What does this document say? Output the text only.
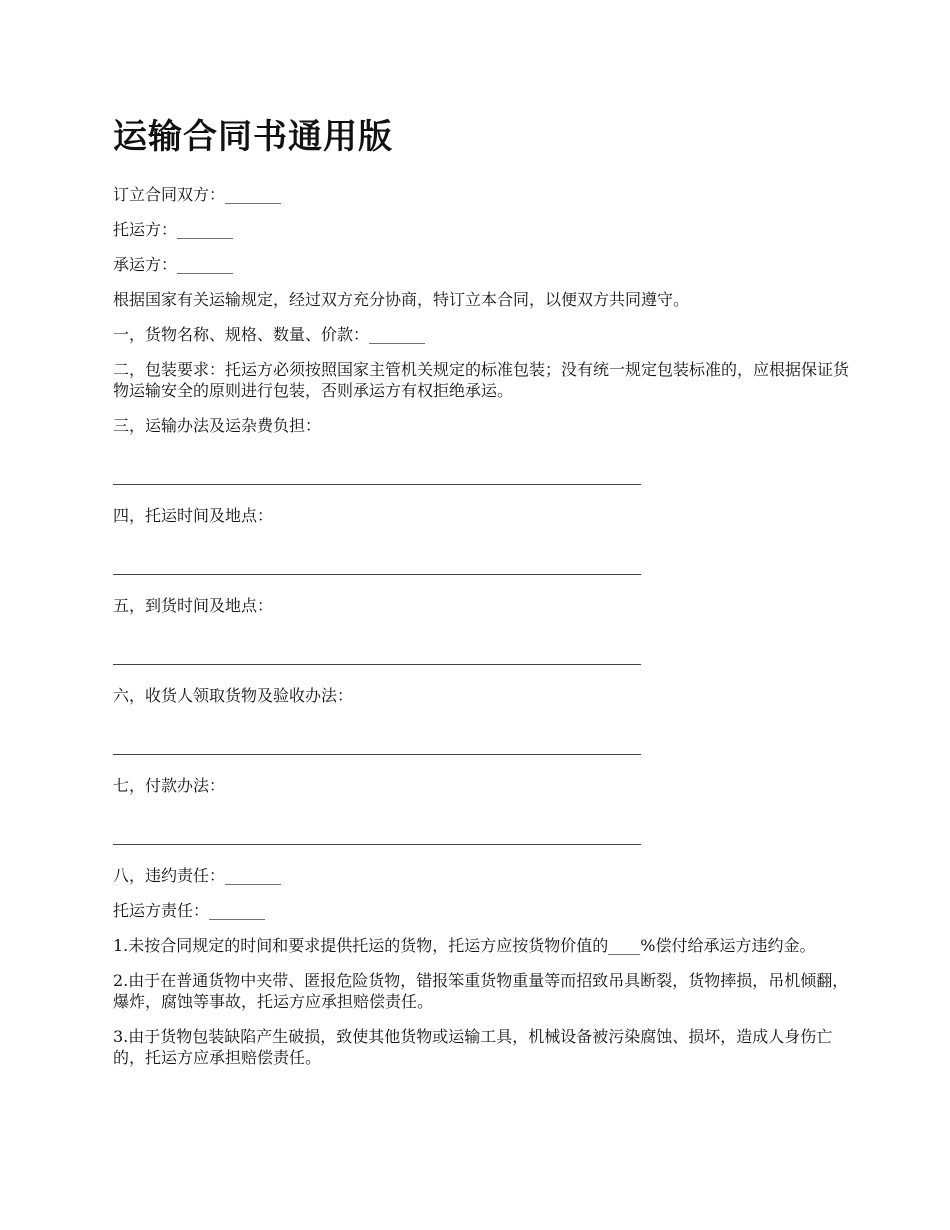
运输合同书通用版

订立合同双方：_______

托运方：_______

承运方：_______

根据国家有关运输规定，经过双方充分协商，特订立本合同，以便双方共同遵守。

一，货物名称、规格、数量、价款：_______

二，包装要求：托运方必须按照国家主管机关规定的标准包装；没有统一规定包装标准的，应根据保证货物运输安全的原则进行包装，否则承运方有权拒绝承运。

三，运输办法及运杂费负担：

__________________________________________________________________

四，托运时间及地点：

__________________________________________________________________

五，到货时间及地点：

__________________________________________________________________

六，收货人领取货物及验收办法：

__________________________________________________________________

七，付款办法：

__________________________________________________________________

八，违约责任：_______

托运方责任：_______

1.未按合同规定的时间和要求提供托运的货物，托运方应按货物价值的____%偿付给承运方违约金。

2.由于在普通货物中夹带、匿报危险货物，错报笨重货物重量等而招致吊具断裂，货物摔损，吊机倾翻，爆炸，腐蚀等事故，托运方应承担赔偿责任。

3.由于货物包装缺陷产生破损，致使其他货物或运输工具，机械设备被污染腐蚀、损坏，造成人身伤亡的，托运方应承担赔偿责任。
